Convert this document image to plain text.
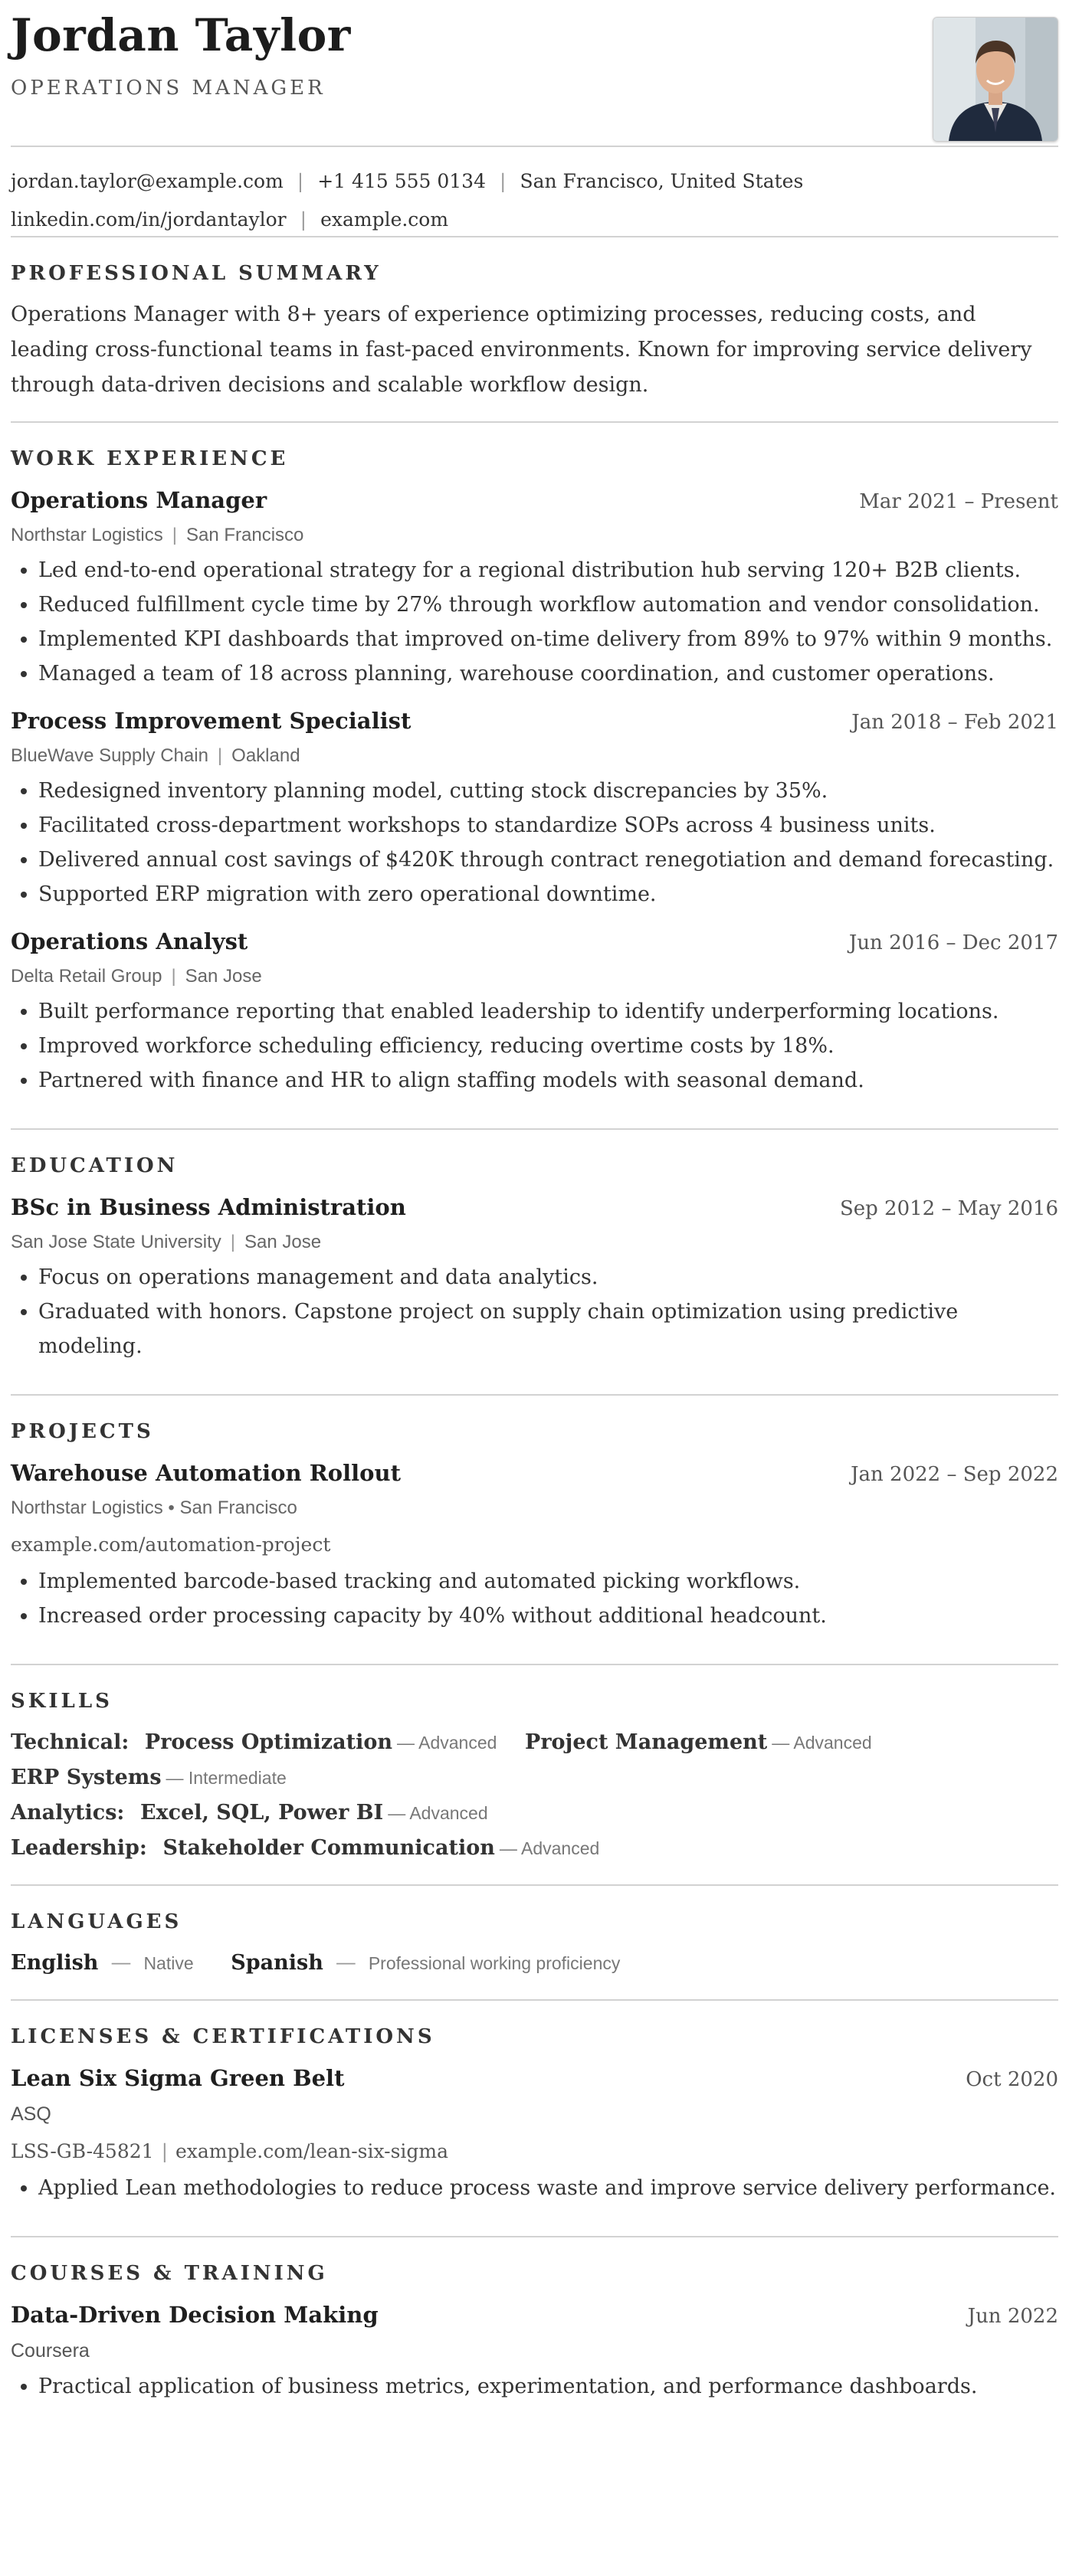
Jordan Taylor
OPERATIONS MANAGER
jordan.taylor@example.com | +1 415 555 0134 | San Francisco, United States
linkedin.com/in/jordantaylor | example.com
PROFESSIONAL SUMMARY
Operations Manager with 8+ years of experience optimizing processes, reducing costs, and leading cross-functional teams in fast-paced environments. Known for improving service delivery through data-driven decisions and scalable workflow design.
WORK EXPERIENCE
Operations Manager	Mar 2021 – Present
Northstar Logistics | San Francisco
• Led end-to-end operational strategy for a regional distribution hub serving 120+ B2B clients.
• Reduced fulfillment cycle time by 27% through workflow automation and vendor consolidation.
• Implemented KPI dashboards that improved on-time delivery from 89% to 97% within 9 months.
• Managed a team of 18 across planning, warehouse coordination, and customer operations.
Process Improvement Specialist	Jan 2018 – Feb 2021
BlueWave Supply Chain | Oakland
• Redesigned inventory planning model, cutting stock discrepancies by 35%.
• Facilitated cross-department workshops to standardize SOPs across 4 business units.
• Delivered annual cost savings of $420K through contract renegotiation and demand forecasting.
• Supported ERP migration with zero operational downtime.
Operations Analyst	Jun 2016 – Dec 2017
Delta Retail Group | San Jose
• Built performance reporting that enabled leadership to identify underperforming locations.
• Improved workforce scheduling efficiency, reducing overtime costs by 18%.
• Partnered with finance and HR to align staffing models with seasonal demand.
EDUCATION
BSc in Business Administration	Sep 2012 – May 2016
San Jose State University | San Jose
• Focus on operations management and data analytics.
• Graduated with honors. Capstone project on supply chain optimization using predictive modeling.
PROJECTS
Warehouse Automation Rollout	Jan 2022 – Sep 2022
Northstar Logistics • San Francisco
example.com/automation-project
• Implemented barcode-based tracking and automated picking workflows.
• Increased order processing capacity by 40% without additional headcount.
SKILLS
Technical: Process Optimization — Advanced Project Management — Advanced
ERP Systems — Intermediate
Analytics: Excel, SQL, Power BI — Advanced
Leadership: Stakeholder Communication — Advanced
LANGUAGES
English — Native Spanish — Professional working proficiency
LICENSES & CERTIFICATIONS
Lean Six Sigma Green Belt	Oct 2020
ASQ
LSS-GB-45821 | example.com/lean-six-sigma
• Applied Lean methodologies to reduce process waste and improve service delivery performance.
COURSES & TRAINING
Data-Driven Decision Making	Jun 2022
Coursera
• Practical application of business metrics, experimentation, and performance dashboards.
